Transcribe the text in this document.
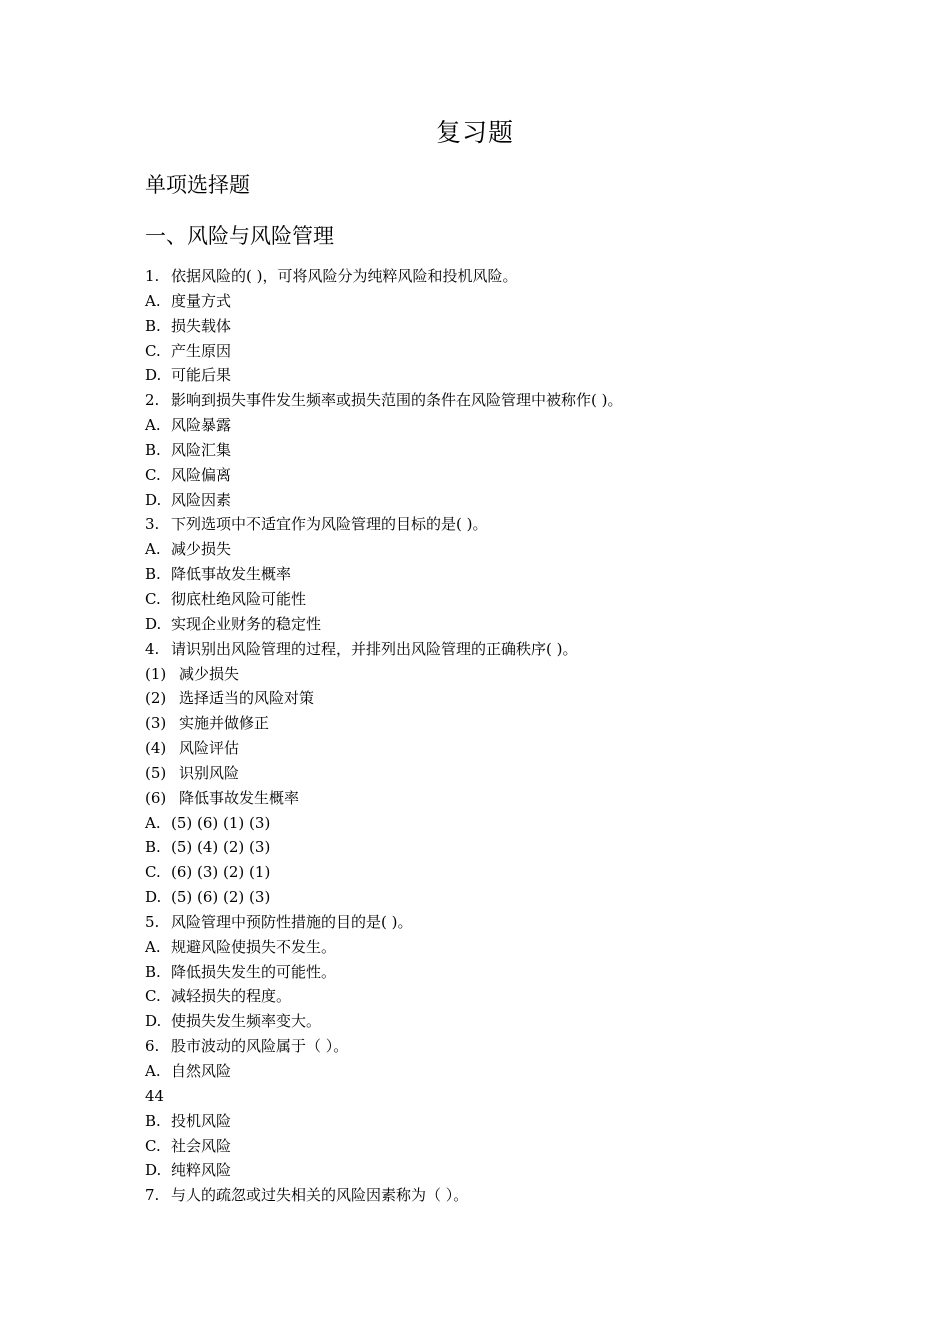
复习题
单项选择题
一、风险与风险管理
1. 依据风险的( )，可将风险分为纯粹风险和投机风险。
A. 度量方式
B. 损失载体
C. 产生原因
D. 可能后果
2. 影响到损失事件发生频率或损失范围的条件在风险管理中被称作( )。
A. 风险暴露
B. 风险汇集
C. 风险偏离
D. 风险因素
3. 下列选项中不适宜作为风险管理的目标的是( )。
A. 减少损失
B. 降低事故发生概率
C. 彻底杜绝风险可能性
D. 实现企业财务的稳定性
4. 请识别出风险管理的过程，并排列出风险管理的正确秩序( )。
(1) 减少损失
(2) 选择适当的风险对策
(3) 实施并做修正
(4) 风险评估
(5) 识别风险
(6) 降低事故发生概率
A. (5) (6) (1) (3)
B. (5) (4) (2) (3)
C. (6) (3) (2) (1)
D. (5) (6) (2) (3)
5. 风险管理中预防性措施的目的是( )。
A. 规避风险使损失不发生。
B. 降低损失发生的可能性。
C. 减轻损失的程度。
D. 使损失发生频率变大。
6. 股市波动的风险属于（ ）。
A. 自然风险
44
B. 投机风险
C. 社会风险
D. 纯粹风险
7. 与人的疏忽或过失相关的风险因素称为（ ）。
